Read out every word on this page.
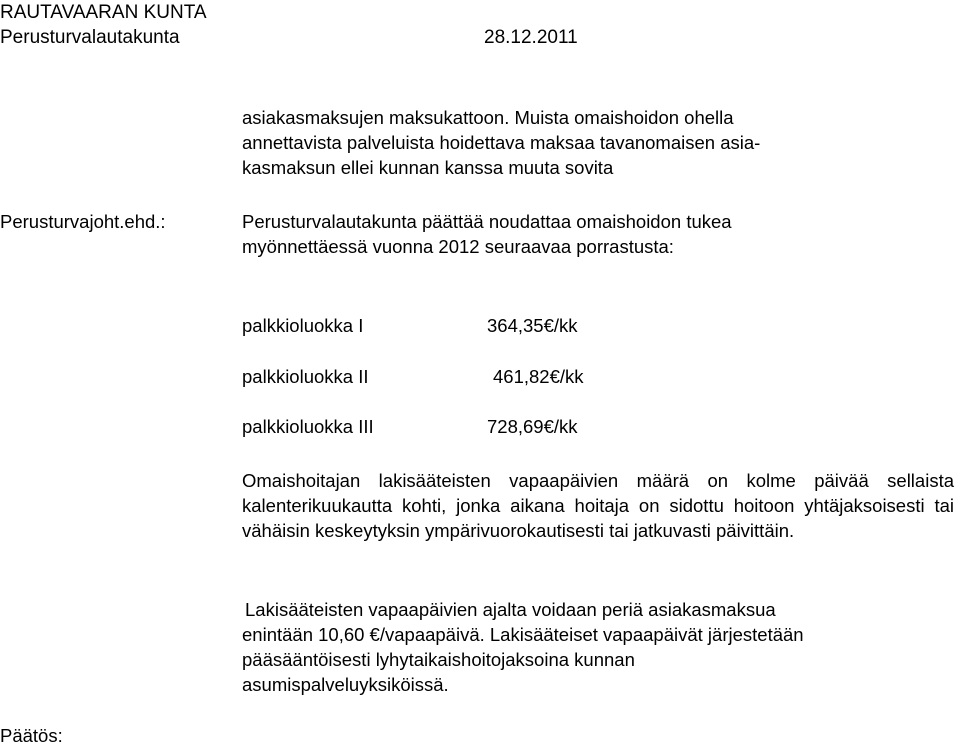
RAUTAVAARAN KUNTA
Perusturvalautakunta	28.12.2011
asiakasmaksujen maksukattoon. Muista omaishoidon ohella
annettavista palveluista hoidettava maksaa tavanomaisen asia-
kasmaksun ellei kunnan kanssa muuta sovita
Perusturvajoht.ehd.:	Perusturvalautakunta päättää noudattaa omaishoidon tukea
myönnettäessä vuonna 2012 seuraavaa porrastusta:
palkkioluokka I	364,35€/kk
palkkioluokka II	461,82€/kk
palkkioluokka III	728,69€/kk
Omaishoitajan lakisääteisten vapaapäivien määrä on kolme päivää sellaista kalenterikuukautta kohti, jonka aikana hoitaja on sidottu hoitoon yhtäjaksoisesti tai vähäisin keskeytyksin ympärivuorokautisesti tai jatkuvasti päivittäin.
Lakisääteisten vapaapäivien ajalta voidaan periä asiakasmaksua
enintään 10,60 €/vapaapäivä. Lakisääteiset vapaapäivät järjestetään
pääsääntöisesti lyhytaikaishoitojaksoina kunnan
asumispalveluyksiköissä.
Päätös:
